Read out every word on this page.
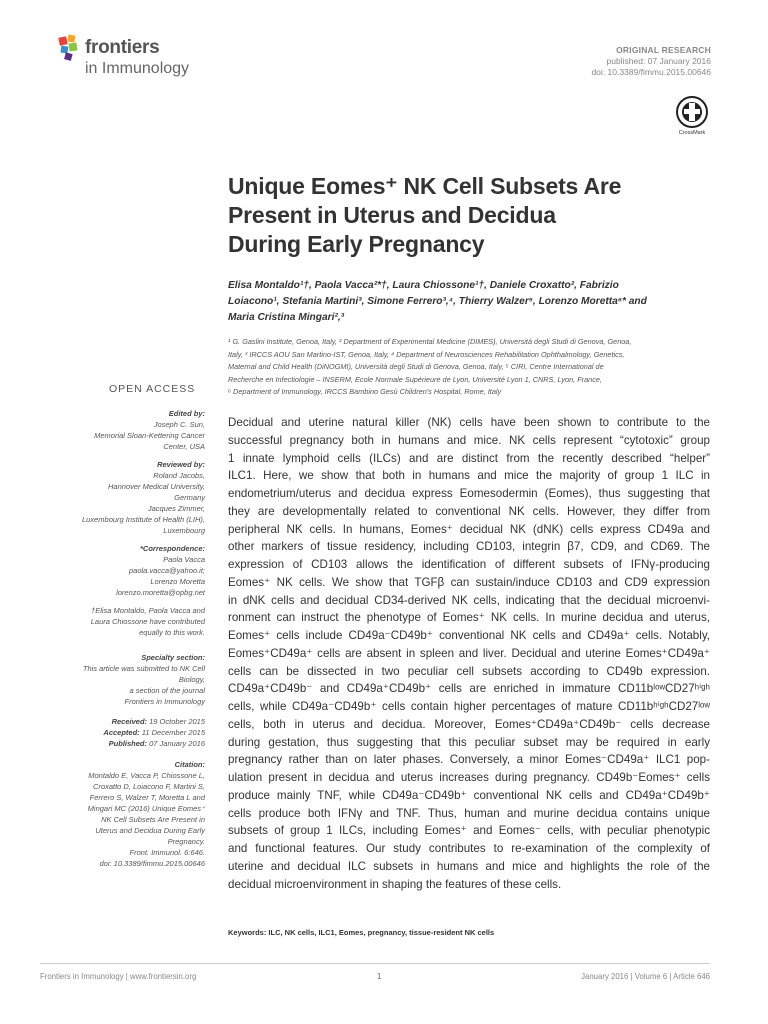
frontiers
in Immunology
ORIGINAL RESEARCH
published: 07 January 2016
doi: 10.3389/fimmu.2015.00646
CrossMark
Unique Eomes⁺ NK Cell Subsets Are
Present in Uterus and Decidua
During Early Pregnancy
Elisa Montaldo¹†, Paola Vacca²*†, Laura Chiossone¹†, Daniele Croxatto², Fabrizio
Loiacono¹, Stefania Martini³, Simone Ferrero³,⁴, Thierry Walzer⁵, Lorenzo Moretta⁶* and
Maria Cristina Mingari²,³
¹ G. Gaslini Institute, Genoa, Italy, ² Department of Experimental Medicine (DIMES), Università degli Studi di Genova, Genoa,
Italy, ³ IRCCS AOU San Martino-IST, Genoa, Italy, ⁴ Department of Neurosciences Rehabilitation Ophthalmology, Genetics,
Maternal and Child Health (DiNOGMI), Università degli Studi di Genova, Genoa, Italy, ⁵ CIRI, Centre International de
Recherche en Infectiologie – INSERM, Ecole Normale Supérieure de Lyon, Université Lyon 1, CNRS, Lyon, France,
⁶ Department of Immunology, IRCCS Bambino Gesù Children's Hospital, Rome, Italy
OPEN ACCESS

Edited by:

Joseph C. Sun,

Memorial Sloan-Kettering Cancer

Center, USA

Reviewed by:

Roland Jacobs,

Hannover Medical University,

Germany

Jacques Zimmer,

Luxembourg Institute of Health (LIH),

Luxembourg

*Correspondence:

Paola Vacca

paola.vacca@yahoo.it;

Lorenzo Moretta

lorenzo.moretta@opbg.net

†Elisa Montaldo, Paola Vacca and

Laura Chiossone have contributed

equally to this work.

Specialty section:

This article was submitted to NK Cell

Biology,

a section of the journal

Frontiers in Immunology

Received: 19 October 2015

Accepted: 11 December 2015

Published: 07 January 2016

Citation:

Montaldo E, Vacca P, Chiossone L,

Croxatto D, Loiacono F, Martini S,

Ferrero S, Walzer T, Moretta L and

Mingari MC (2016) Unique Eomes⁺

NK Cell Subsets Are Present in

Uterus and Decidua During Early

Pregnancy.

Front. Immunol. 6:646.

doi: 10.3389/fimmu.2015.00646

Decidual and uterine natural killer (NK) cells have been shown to contribute to the

successful pregnancy both in humans and mice. NK cells represent “cytotoxic” group

1 innate lymphoid cells (ILCs) and are distinct from the recently described “helper”

ILC1. Here, we show that both in humans and mice the majority of group 1 ILC in

endometrium/uterus and decidua express Eomesodermin (Eomes), thus suggesting that

they are developmentally related to conventional NK cells. However, they differ from

peripheral NK cells. In humans, Eomes⁺ decidual NK (dNK) cells express CD49a and

other markers of tissue residency, including CD103, integrin β7, CD9, and CD69. The

expression of CD103 allows the identification of different subsets of IFNγ-producing

Eomes⁺ NK cells. We show that TGFβ can sustain/induce CD103 and CD9 expression

in dNK cells and decidual CD34-derived NK cells, indicating that the decidual microenvi-

ronment can instruct the phenotype of Eomes⁺ NK cells. In murine decidua and uterus,

Eomes⁺ cells include CD49a⁻CD49b⁺ conventional NK cells and CD49a⁺ cells. Notably,

Eomes⁺CD49a⁺ cells are absent in spleen and liver. Decidual and uterine Eomes⁺CD49a⁺

cells can be dissected in two peculiar cell subsets according to CD49b expression.

CD49a⁺CD49b⁻ and CD49a⁺CD49b⁺ cells are enriched in immature CD11bˡᵒʷCD27ʰⁱᵍʰ

cells, while CD49a⁻CD49b⁺ cells contain higher percentages of mature CD11bʰⁱᵍʰCD27ˡᵒʷ

cells, both in uterus and decidua. Moreover, Eomes⁺CD49a⁺CD49b⁻ cells decrease

during gestation, thus suggesting that this peculiar subset may be required in early

pregnancy rather than on later phases. Conversely, a minor Eomes⁻CD49a⁺ ILC1 pop-

ulation present in decidua and uterus increases during pregnancy. CD49b⁻Eomes⁺ cells

produce mainly TNF, while CD49a⁻CD49b⁺ conventional NK cells and CD49a⁺CD49b⁺

cells produce both IFNγ and TNF. Thus, human and murine decidua contains unique

subsets of group 1 ILCs, including Eomes⁺ and Eomes⁻ cells, with peculiar phenotypic

and functional features. Our study contributes to re-examination of the complexity of

uterine and decidual ILC subsets in humans and mice and highlights the role of the

decidual microenvironment in shaping the features of these cells.

Keywords: ILC, NK cells, ILC1, Eomes, pregnancy, tissue-resident NK cells
Frontiers in Immunology | www.frontiersin.org	1	January 2016 | Volume 6 | Article 646
